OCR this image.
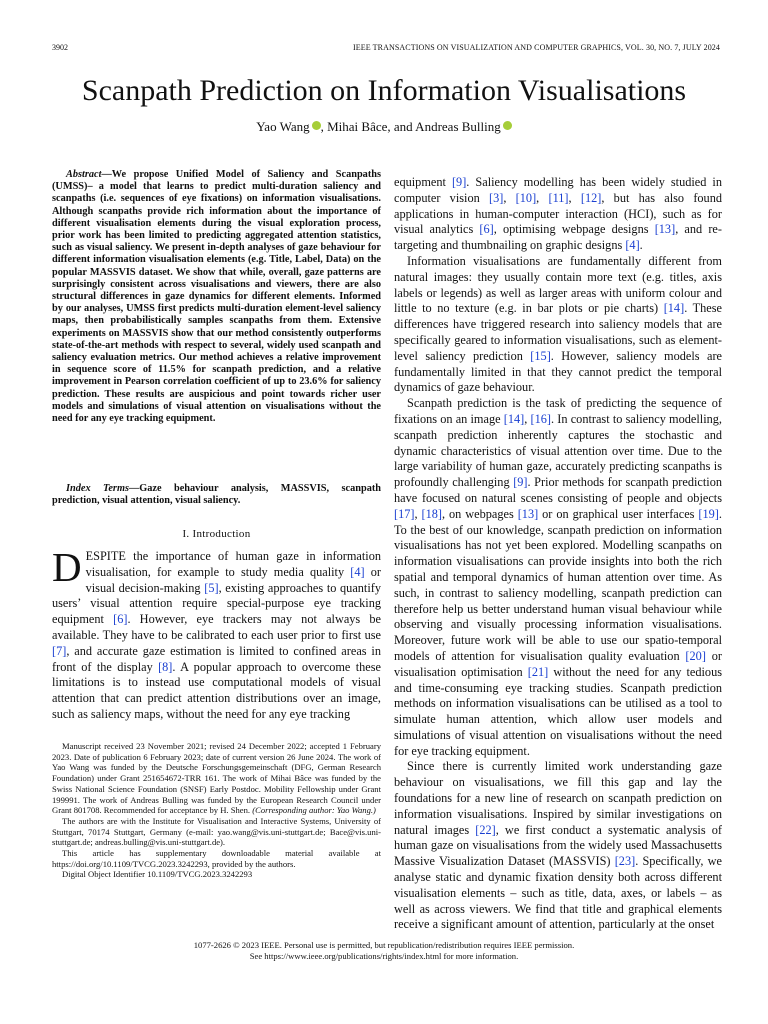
3902	IEEE TRANSACTIONS ON VISUALIZATION AND COMPUTER GRAPHICS, VOL. 30, NO. 7, JULY 2024
Scanpath Prediction on Information Visualisations
Yao Wang , Mihai Bâce, and Andreas Bulling

Abstract—We propose Unified Model of Saliency and Scanpaths (UMSS)– a model that learns to predict multi-duration saliency and scanpaths (i.e. sequences of eye fixations) on information visualisations. Although scanpaths provide rich information about the importance of different visualisation elements during the visual exploration process, prior work has been limited to predicting aggregated attention statistics, such as visual saliency. We present in-depth analyses of gaze behaviour for different information visualisation elements (e.g. Title, Label, Data) on the popular MASSVIS dataset. We show that while, overall, gaze patterns are surprisingly consistent across visualisations and viewers, there are also structural differences in gaze dynamics for different elements. Informed by our analyses, UMSS first predicts multi-duration element-level saliency maps, then probabilistically samples scanpaths from them. Extensive experiments on MASSVIS show that our method consistently outperforms state-of-the-art methods with respect to several, widely used scanpath and saliency evaluation metrics. Our method achieves a relative improvement in sequence score of 11.5% for scanpath prediction, and a relative improvement in Pearson correlation coefficient of up to 23.6% for saliency prediction. These results are auspicious and point towards richer user models and simulations of visual attention on visualisations without the need for any eye tracking equipment.

Index Terms—Gaze behaviour analysis, MASSVIS, scanpath prediction, visual attention, visual saliency.

I. Introduction

DESPITE the importance of human gaze in information visualisation, for example to study media quality [4] or visual decision-making [5], existing approaches to quantify users’ visual attention require special-purpose eye tracking equipment [6]. However, eye trackers may not always be available. They have to be calibrated to each user prior to first use [7], and accurate gaze estimation is limited to confined areas in front of the display [8]. A popular approach to overcome these limitations is to instead use computational models of visual attention that can predict attention distributions over an image, such as saliency maps, without the need for any eye tracking

Manuscript received 23 November 2021; revised 24 December 2022; accepted 1 February 2023. Date of publication 6 February 2023; date of current version 26 June 2024. The work of Yao Wang was funded by the Deutsche Forschungsgemeinschaft (DFG, German Research Foundation) under Grant 251654672-TRR 161. The work of Mihai Bâce was funded by the Swiss National Science Foundation (SNSF) Early Postdoc. Mobility Fellowship under Grant 199991. The work of Andreas Bulling was funded by the European Research Council under Grant 801708. Recommended for acceptance by H. Shen. (Corresponding author: Yao Wang.)

The authors are with the Institute for Visualisation and Interactive Systems, University of Stuttgart, 70174 Stuttgart, Germany (e-mail: yao.wang@vis.uni-stuttgart.de; Bace@vis.uni-stuttgart.de; andreas.bulling@vis.uni-stuttgart.de).

This article has supplementary downloadable material available at https://doi.org/10.1109/TVCG.2023.3242293, provided by the authors.

Digital Object Identifier 10.1109/TVCG.2023.3242293

equipment [9]. Saliency modelling has been widely studied in computer vision [3], [10], [11], [12], but has also found applications in human-computer interaction (HCI), such as for visual analytics [6], optimising webpage designs [13], and re-targeting and thumbnailing on graphic designs [4].

Information visualisations are fundamentally different from natural images: they usually contain more text (e.g. titles, axis labels or legends) as well as larger areas with uniform colour and little to no texture (e.g. in bar plots or pie charts) [14]. These differences have triggered research into saliency models that are specifically geared to information visualisations, such as element-level saliency prediction [15]. However, saliency models are fundamentally limited in that they cannot predict the temporal dynamics of gaze behaviour.

Scanpath prediction is the task of predicting the sequence of fixations on an image [14], [16]. In contrast to saliency modelling, scanpath prediction inherently captures the stochastic and dynamic characteristics of visual attention over time. Due to the large variability of human gaze, accurately predicting scanpaths is profoundly challenging [9]. Prior methods for scanpath prediction have focused on natural scenes consisting of people and objects [17], [18], on webpages [13] or on graphical user interfaces [19]. To the best of our knowledge, scanpath prediction on information visualisations has not yet been explored. Modelling scanpaths on information visualisations can provide insights into both the rich spatial and temporal dynamics of human attention over time. As such, in contrast to saliency modelling, scanpath prediction can therefore help us better understand human visual behaviour while observing and visually processing information visualisations. Moreover, future work will be able to use our spatio-temporal models of attention for visualisation quality evaluation [20] or visualisation optimisation [21] without the need for any tedious and time-consuming eye tracking studies. Scanpath prediction methods on information visualisations can be utilised as a tool to simulate human attention, which allow user models and simulations of visual attention on visualisations without the need for eye tracking equipment.

Since there is currently limited work understanding gaze behaviour on visualisations, we fill this gap and lay the foundations for a new line of research on scanpath prediction on information visualisations. Inspired by similar investigations on natural images [22], we first conduct a systematic analysis of human gaze on visualisations from the widely used Massachusetts Massive Visualization Dataset (MASSVIS) [23]. Specifically, we analyse static and dynamic fixation density both across different visualisation elements – such as title, data, axes, or labels – as well as across viewers. We find that title and graphical elements receive a significant amount of attention, particularly at the onset

1077-2626 © 2023 IEEE. Personal use is permitted, but republication/redistribution requires IEEE permission.
See https://www.ieee.org/publications/rights/index.html for more information.
